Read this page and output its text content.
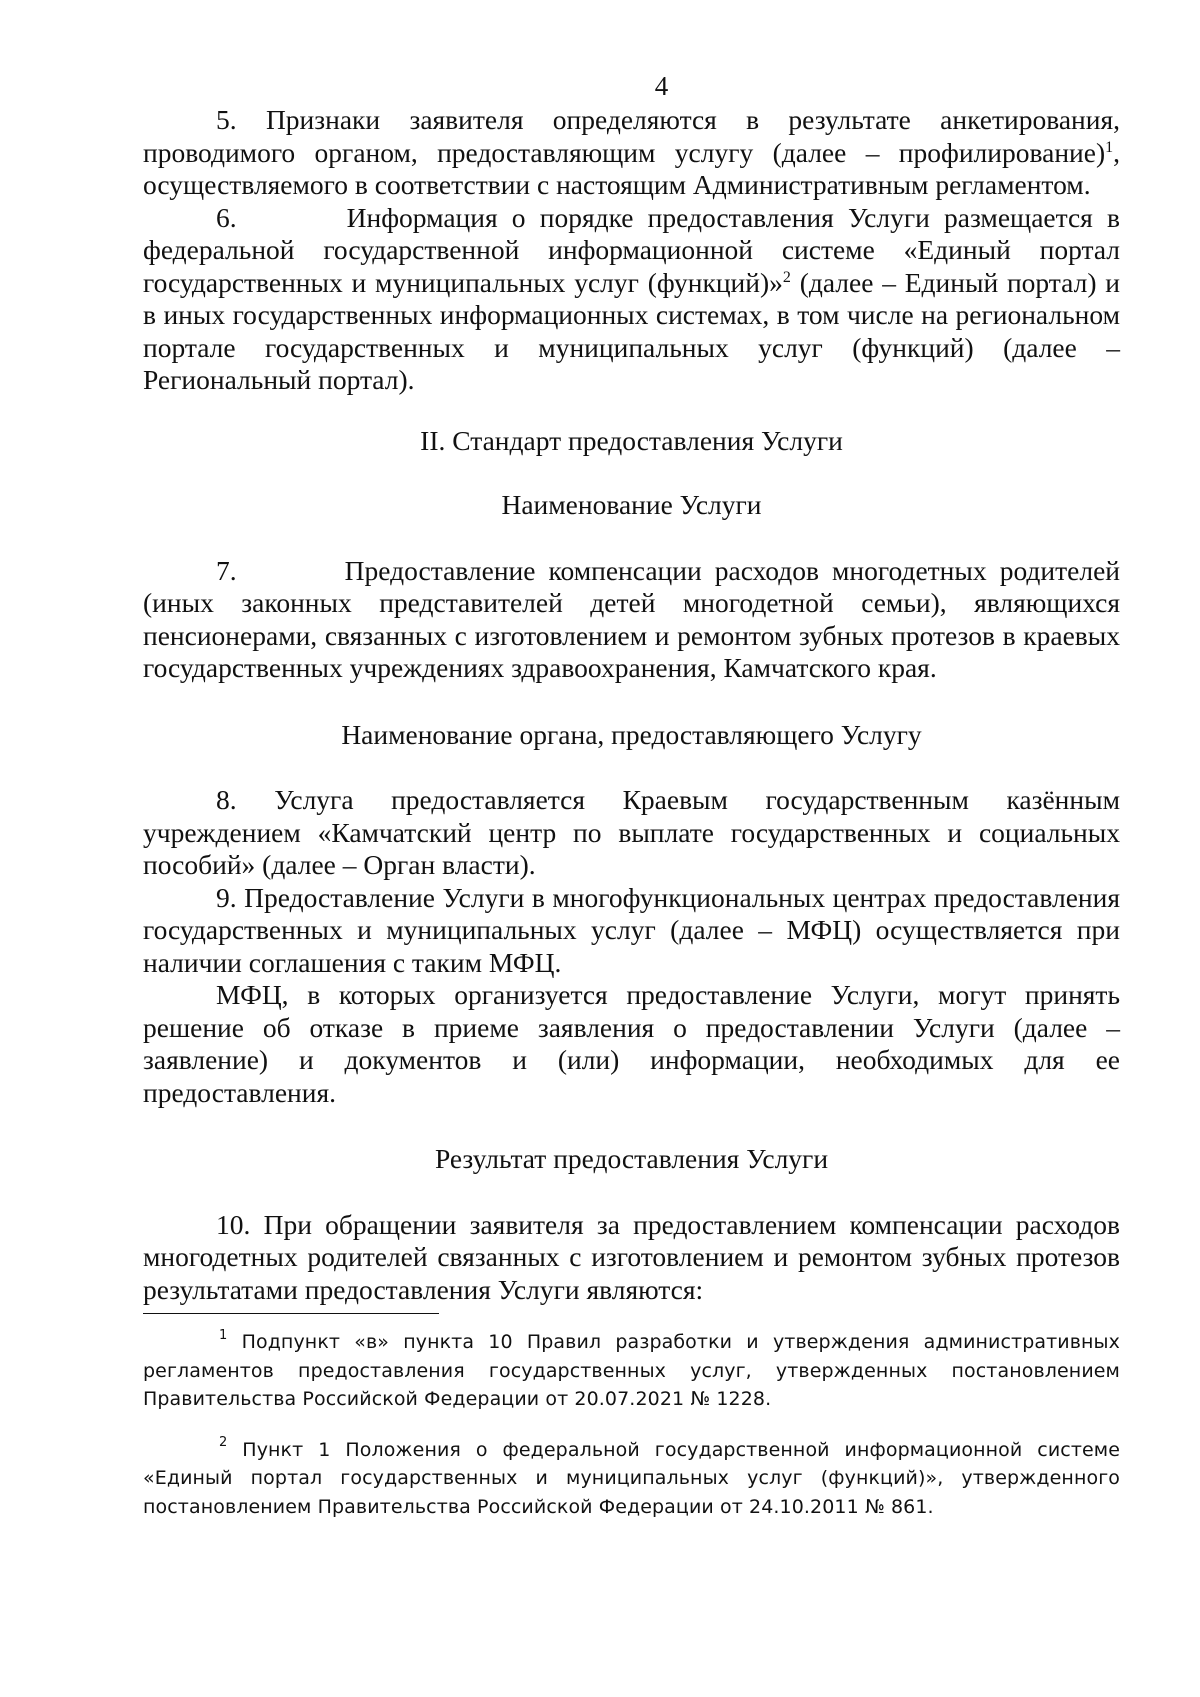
4

5. Признаки заявителя определяются в результате анкетирования, проводимого органом, предоставляющим услугу (далее – профилирование)$^1$, осуществляемого в соответствии с настоящим Административным регламентом.

6.	Информация о порядке предоставления Услуги размещается в федеральной государственной информационной системе «Единый портал государственных и муниципальных услуг (функций)»$^2$ (далее – Единый портал) и в иных государственных информационных системах, в том числе на региональном портале государственных и муниципальных услуг (функций) (далее – Региональный портал).

II. Стандарт предоставления Услуги

Наименование Услуги

7.	Предоставление компенсации расходов многодетных родителей (иных законных представителей детей многодетной семьи), являющихся пенсионерами, связанных с изготовлением и ремонтом зубных протезов в краевых государственных учреждениях здравоохранения, Камчатского края.

Наименование органа, предоставляющего Услугу

8. Услуга предоставляется Краевым государственным казённым учреждением «Камчатский центр по выплате государственных и социальных пособий» (далее – Орган власти).

9. Предоставление Услуги в многофункциональных центрах предоставления государственных и муниципальных услуг (далее – МФЦ) осуществляется при наличии соглашения с таким МФЦ.

МФЦ, в которых организуется предоставление Услуги, могут принять решение об отказе в приеме заявления о предоставлении Услуги (далее – заявление) и документов и (или) информации, необходимых для ее предоставления.

Результат предоставления Услуги

10. При обращении заявителя за предоставлением компенсации расходов многодетных родителей связанных с изготовлением и ремонтом зубных протезов результатами предоставления Услуги являются:

$^1$ Подпункт «в» пункта 10 Правил разработки и утверждения административных регламентов предоставления государственных услуг, утвержденных постановлением Правительства Российской Федерации от 20.07.2021 № 1228.

$^2$ Пункт 1 Положения о федеральной государственной информационной системе «Единый портал государственных и муниципальных услуг (функций)», утвержденного постановлением Правительства Российской Федерации от 24.10.2011 № 861.
